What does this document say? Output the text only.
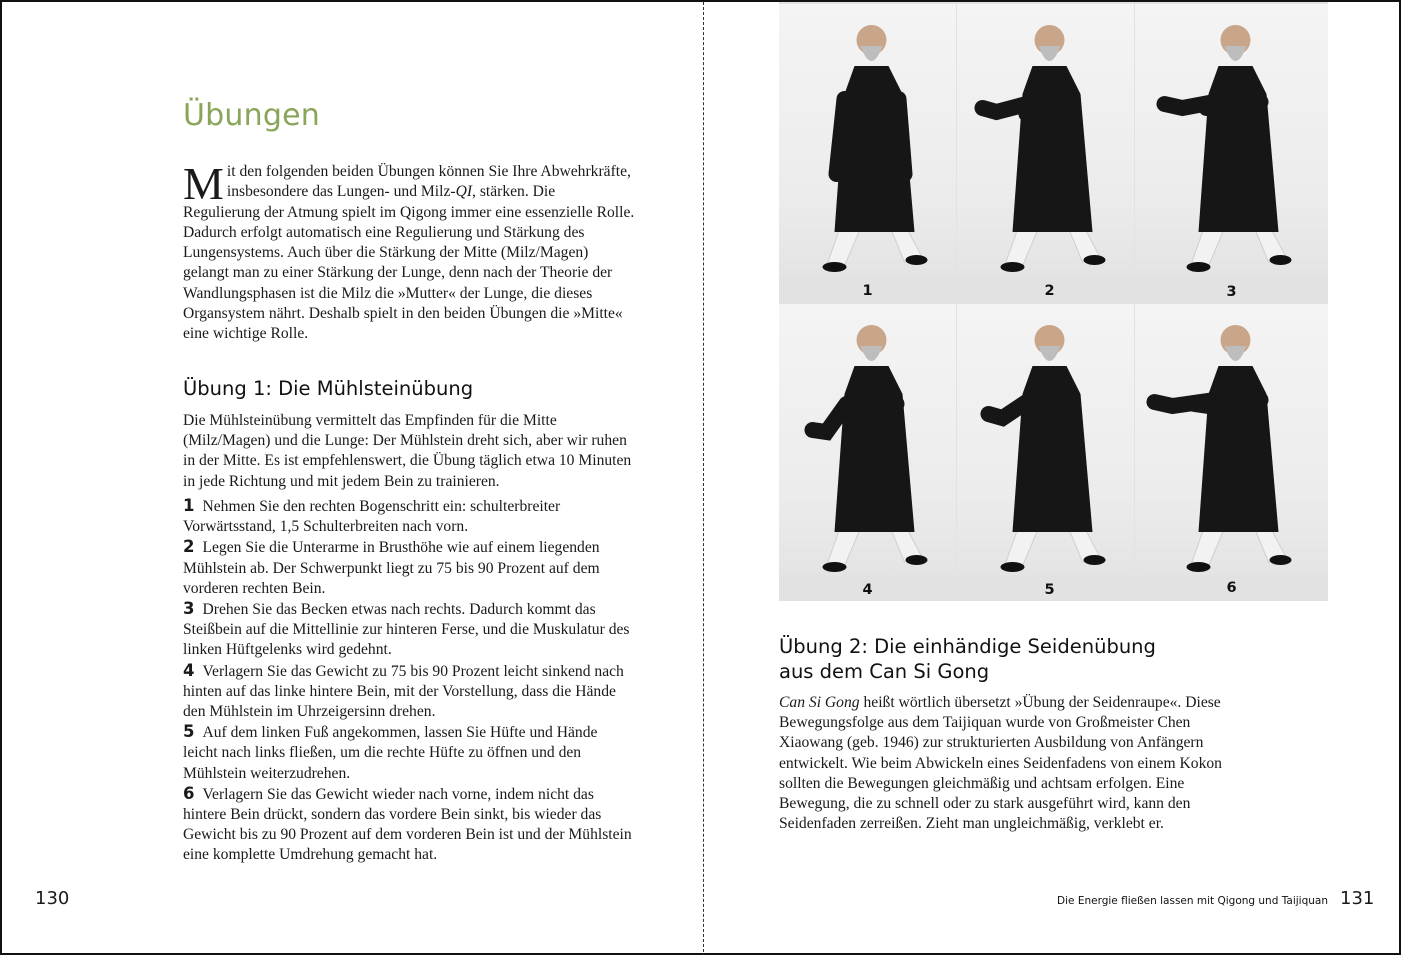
Übungen

Mit den folgenden beiden Übungen können Sie Ihre Abwehrkräfte, insbesondere das Lungen- und Milz-QI, stärken. Die Regulierung der Atmung spielt im Qigong immer eine essenzielle Rolle. Dadurch erfolgt automatisch eine Regulierung und Stärkung des Lungensystems. Auch über die Stärkung der Mitte (Milz/Magen) gelangt man zu einer Stärkung der Lunge, denn nach der Theorie der Wandlungsphasen ist die Milz die »Mutter« der Lunge, die dieses Organsystem nährt. Deshalb spielt in den beiden Übungen die »Mitte« eine wichtige Rolle.

Übung 1: Die Mühlsteinübung

Die Mühlsteinübung vermittelt das Empfinden für die Mitte (Milz/Magen) und die Lunge: Der Mühlstein dreht sich, aber wir ruhen in der Mitte. Es ist empfehlenswert, die Übung täglich etwa 10 Minuten in jede Richtung und mit jedem Bein zu trainieren.

1 Nehmen Sie den rechten Bogenschritt ein: schulterbreiter Vorwärtsstand, 1,5 Schulterbreiten nach vorn.

2 Legen Sie die Unterarme in Brusthöhe wie auf einem liegenden Mühlstein ab. Der Schwerpunkt liegt zu 75 bis 90 Prozent auf dem vorderen rechten Bein.

3 Drehen Sie das Becken etwas nach rechts. Dadurch kommt das Steißbein auf die Mittellinie zur hinteren Ferse, und die Muskulatur des linken Hüftgelenks wird gedehnt.

4 Verlagern Sie das Gewicht zu 75 bis 90 Prozent leicht sinkend nach hinten auf das linke hintere Bein, mit der Vorstellung, dass die Hände den Mühlstein im Uhrzeigersinn drehen.

5 Auf dem linken Fuß angekommen, lassen Sie Hüfte und Hände leicht nach links fließen, um die rechte Hüfte zu öffnen und den Mühlstein weiterzudrehen.

6 Verlagern Sie das Gewicht wieder nach vorne, indem nicht das hintere Bein drückt, sondern das vordere Bein sinkt, bis wieder das Gewicht bis zu 90 Prozent auf dem vorderen Bein ist und der Mühlstein eine komplette Umdrehung gemacht hat.

130
1	2	3
4	5	6
Übung 2: Die einhändige Seidenübung
aus dem Can Si Gong

Can Si Gong heißt wörtlich übersetzt »Übung der Seidenraupe«. Diese Bewegungsfolge aus dem Taijiquan wurde von Großmeister Chen Xiaowang (geb. 1946) zur strukturierten Ausbildung von Anfängern entwickelt. Wie beim Abwickeln eines Seidenfadens von einem Kokon sollten die Bewegungen gleichmäßig und achtsam erfolgen. Eine Bewegung, die zu schnell oder zu stark ausgeführt wird, kann den Seidenfaden zerreißen. Zieht man ungleichmäßig, verklebt er.

Die Energie fließen lassen mit Qigong und Taijiquan 131
